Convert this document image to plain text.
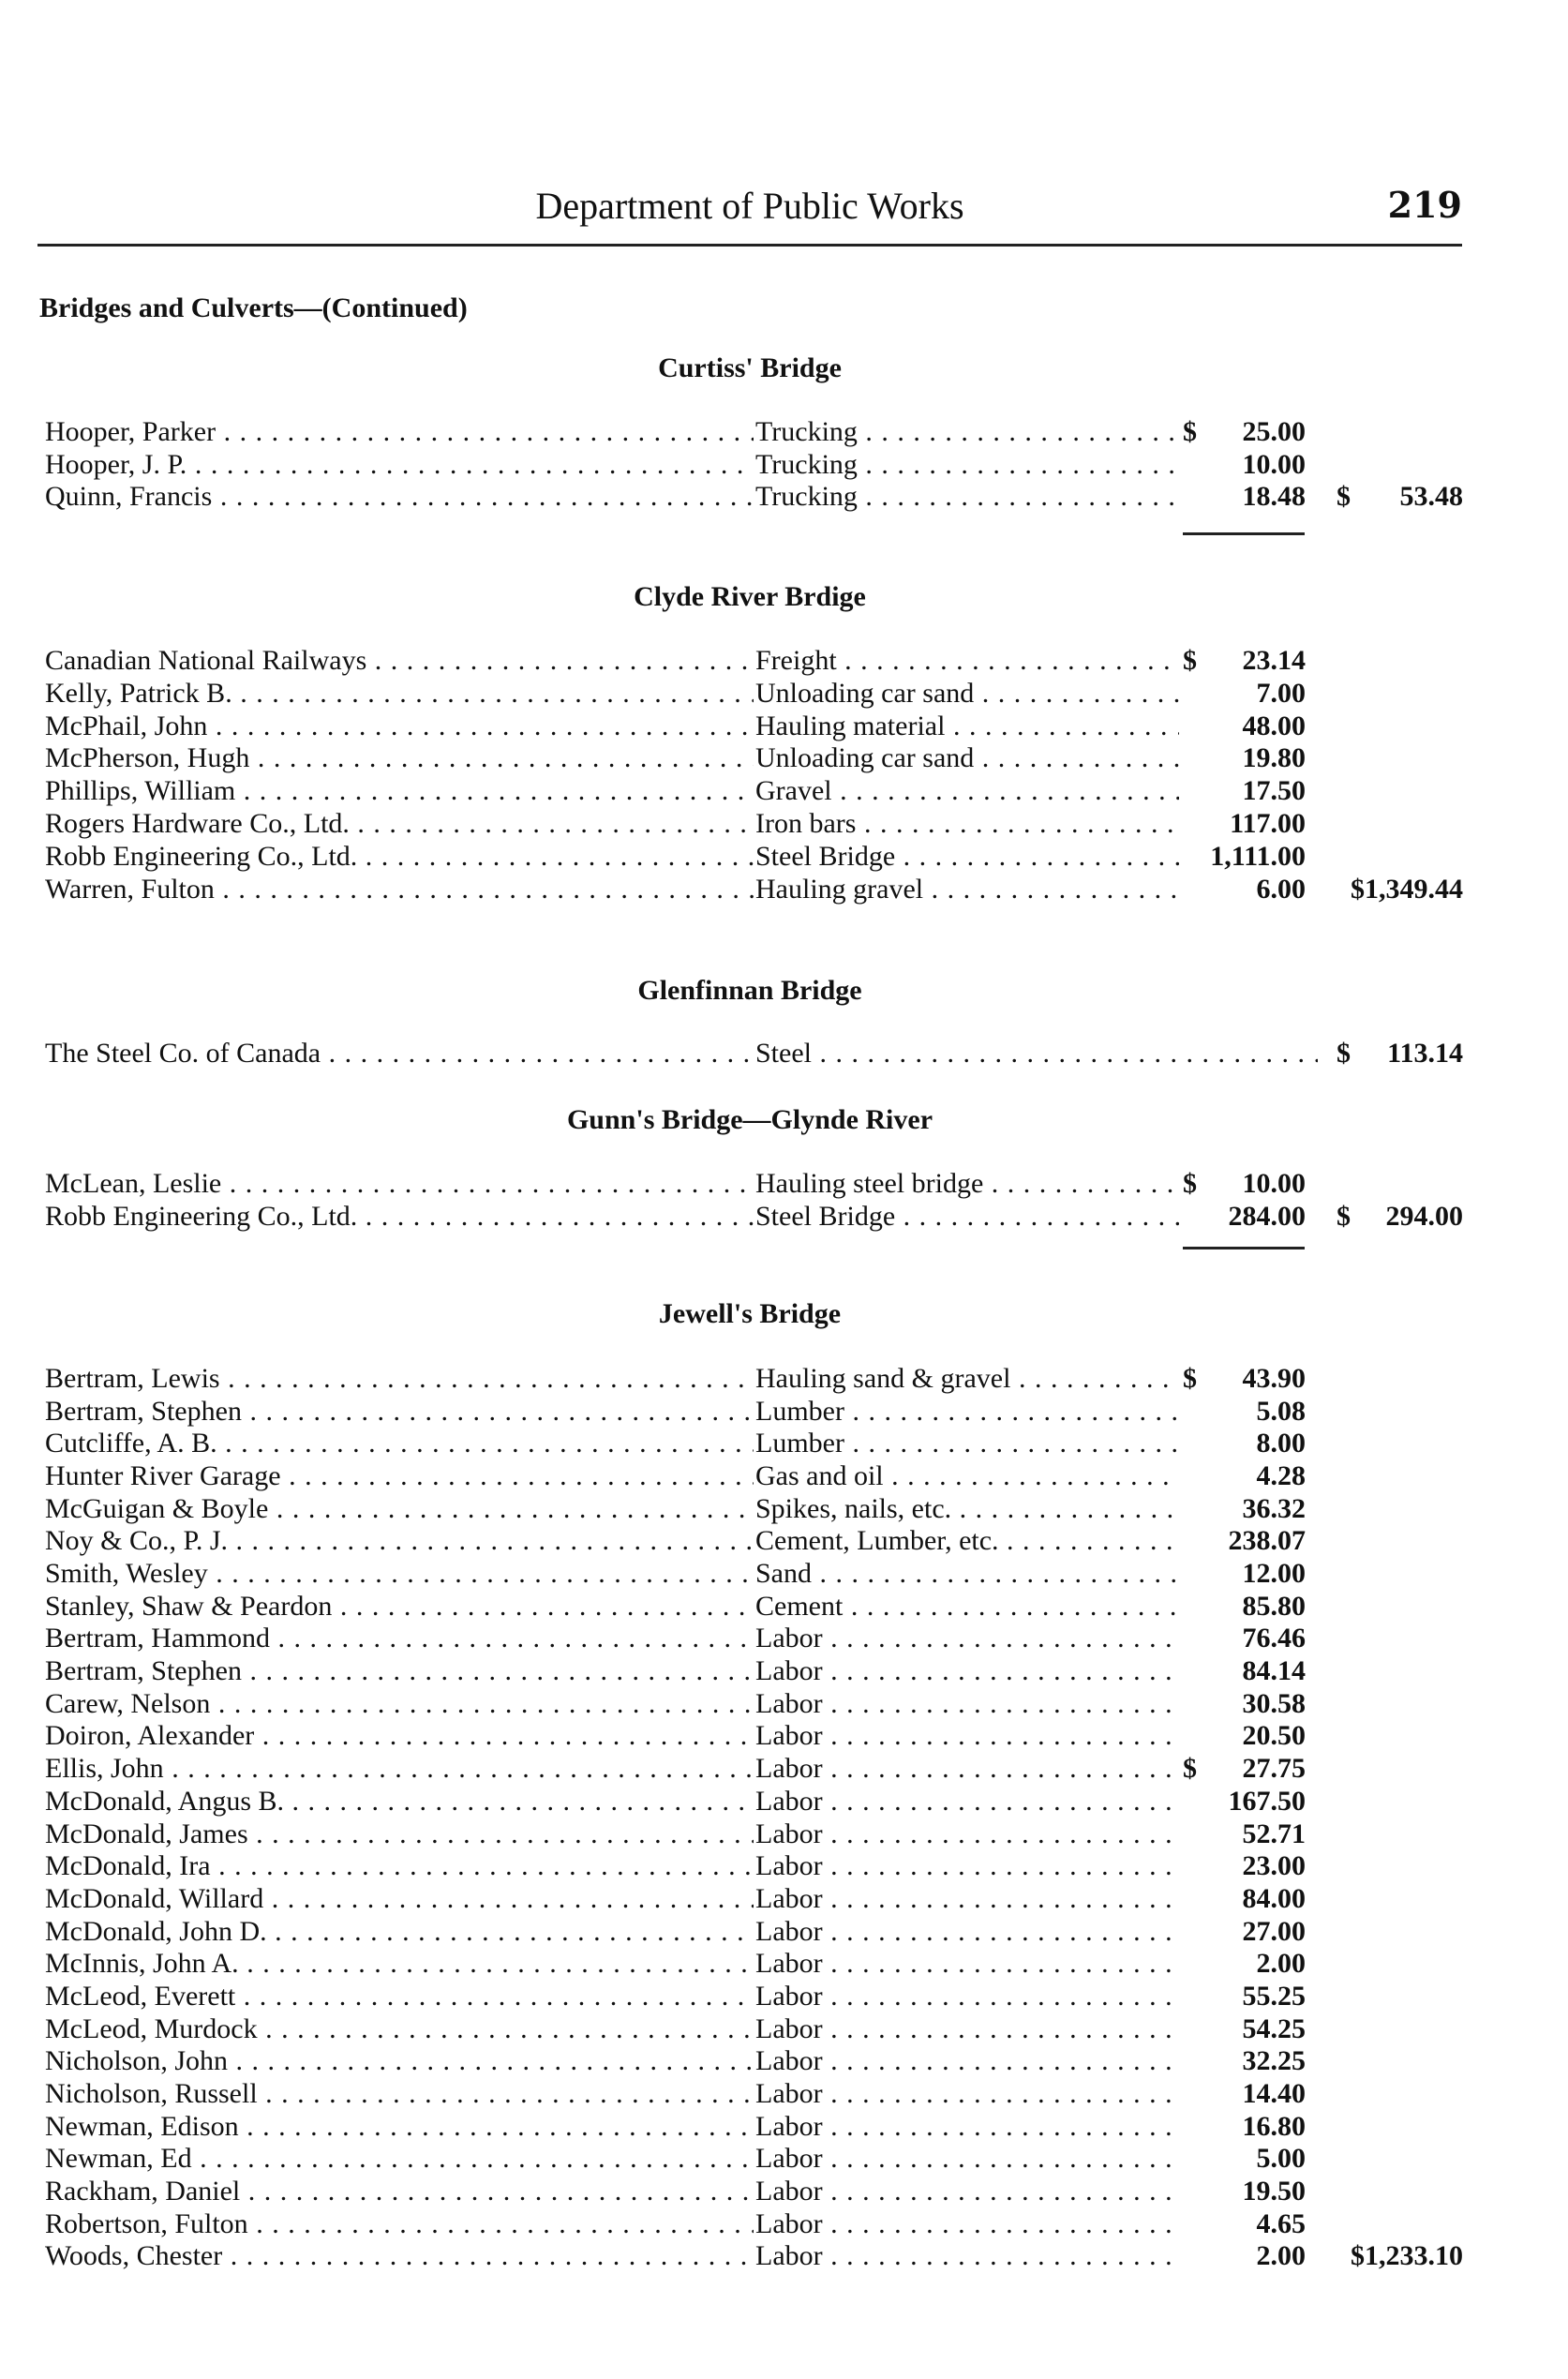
Department of Public Works	219
Bridges and Culverts—(Continued)
Curtiss' Bridge
Hooper, Parker . . .	Trucking . . .	$	25.00
Hooper, J. P. . . .	Trucking . . .	10.00
Quinn, Francis . . .	Trucking . . .	18.48 $	53.48
Clyde River Brdige
Canadian National Railways . . .	Freight . . .	$	23.14
Kelly, Patrick B. . . .	Unloading car sand . . .	7.00
McPhail, John . . .	Hauling material . . .	48.00
McPherson, Hugh . . .	Unloading car sand . . .	19.80
Phillips, William . . .	Gravel . . .	17.50
Rogers Hardware Co., Ltd. . . .	Iron bars . . .	117.00
Robb Engineering Co., Ltd. . . .	Steel Bridge . . .	1,111.00
Warren, Fulton . . .	Hauling gravel . . .	6.00	$1,349.44
Glenfinnan Bridge
The Steel Co. of Canada . . .	Steel . . .	$	113.14
Gunn's Bridge—Glynde River
McLean, Leslie . . .	Hauling steel bridge . . .	$	10.00
Robb Engineering Co., Ltd. . . .	Steel Bridge . . .	284.00 $	294.00
Jewell's Bridge
Bertram, Lewis . . .	Hauling sand & gravel . . .	$	43.90
Bertram, Stephen . . .	Lumber . . .	5.08
Cutcliffe, A. B. . . .	Lumber . . .	8.00
Hunter River Garage . . .	Gas and oil . . .	4.28
McGuigan & Boyle . . .	Spikes, nails, etc. . . .	36.32
Noy & Co., P. J. . . .	Cement, Lumber, etc. . . .	238.07
Smith, Wesley . . .	Sand . . .	12.00
Stanley, Shaw & Peardon . . .	Cement . . .	85.80
Bertram, Hammond . . .	Labor . . .	76.46
Bertram, Stephen . . .	Labor . . .	84.14
Carew, Nelson . . .	Labor . . .	30.58
Doiron, Alexander . . .	Labor . . .	20.50
Ellis, John . . .	Labor . . .	$	27.75
McDonald, Angus B. . . .	Labor . . .	167.50
McDonald, James . . .	Labor . . .	52.71
McDonald, Ira . . .	Labor . . .	23.00
McDonald, Willard . . .	Labor . . .	84.00
McDonald, John D. . . .	Labor . . .	27.00
McInnis, John A. . . .	Labor . . .	2.00
McLeod, Everett . . .	Labor . . .	55.25
McLeod, Murdock . . .	Labor . . .	54.25
Nicholson, John . . .	Labor . . .	32.25
Nicholson, Russell . . .	Labor . . .	14.40
Newman, Edison . . .	Labor . . .	16.80
Newman, Ed . . .	Labor . . .	5.00
Rackham, Daniel . . .	Labor . . .	19.50
Robertson, Fulton . . .	Labor . . .	4.65
Woods, Chester . . .	Labor . . .	2.00	$1,233.10
